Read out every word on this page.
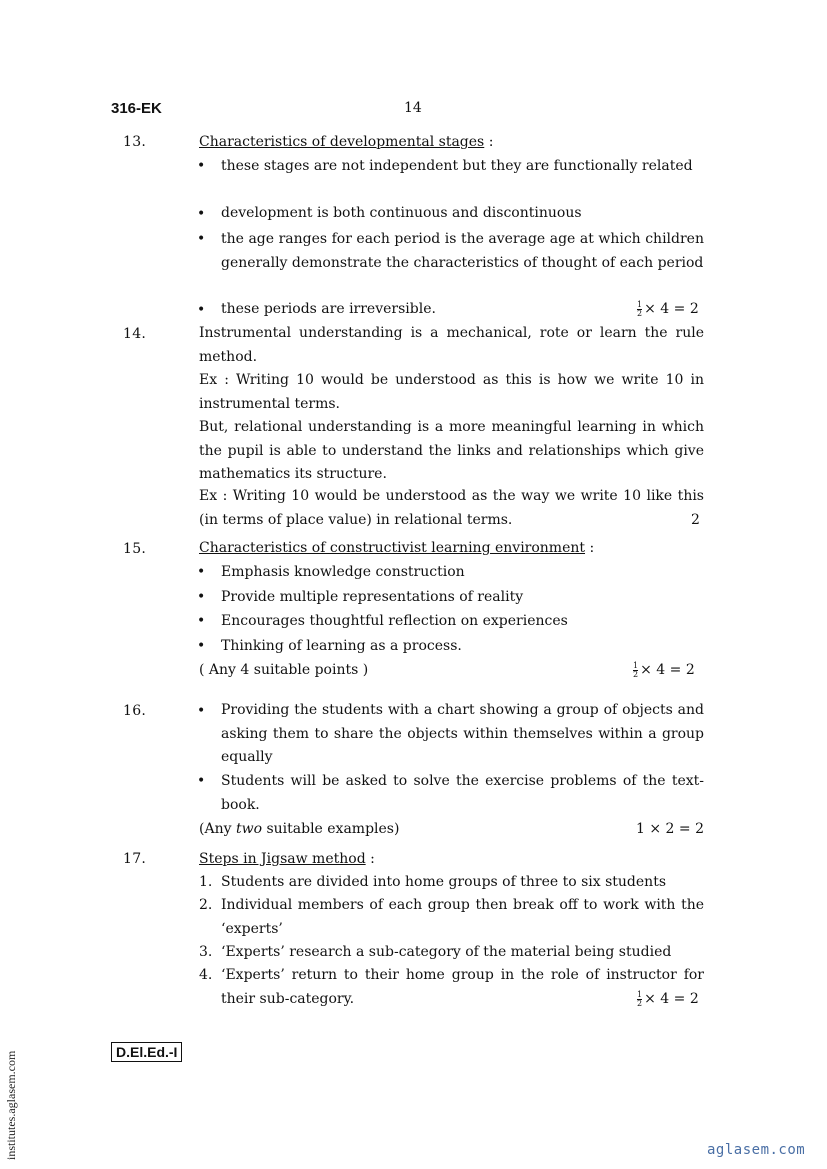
316-EK	14
13.	Characteristics of developmental stages :
• these stages are not independent but they are functionally related
• development is both continuous and discontinuous
• the age ranges for each period is the average age at which children generally demonstrate the characteristics of thought of each period
• these periods are irreversible.	$\frac{1}{2} \times 4 = 2$
14.	Instrumental understanding is a mechanical, rote or learn the rule method.
Ex : Writing 10 would be understood as this is how we write 10 in instrumental terms.
But, relational understanding is a more meaningful learning in which the pupil is able to understand the links and relationships which give mathematics its structure.
Ex : Writing 10 would be understood as the way we write 10 like this (in terms of place value) in relational terms.	2
15.	Characteristics of constructivist learning environment :
• Emphasis knowledge construction
• Provide multiple representations of reality
• Encourages thoughtful reflection on experiences
• Thinking of learning as a process.
( Any 4 suitable points )	$\frac{1}{2} \times 4 = 2$
16.	• Providing the students with a chart showing a group of objects and asking them to share the objects within themselves within a group equally
• Students will be asked to solve the exercise problems of the text-book.
(Any two suitable examples)	1 × 2 = 2
17.	Steps in Jigsaw method :
1. Students are divided into home groups of three to six students
2. Individual members of each group then break off to work with the ‘experts’
3. ‘Experts’ research a sub-category of the material being studied
4. ‘Experts’ return to their home group in the role of instructor for their sub-category.	$\frac{1}{2} \times 4 = 2$
D.El.Ed.-I
institutes.aglasem.com	aglasem.com
